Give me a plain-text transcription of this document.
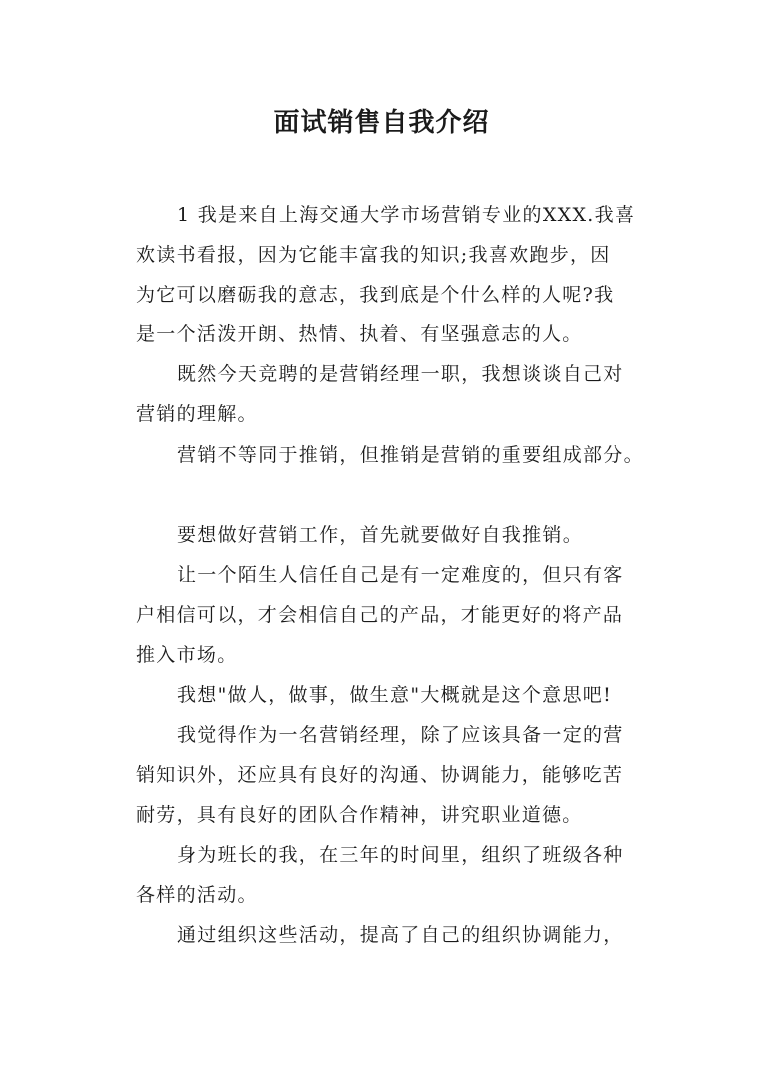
面试销售自我介绍
1 我是来自上海交通大学市场营销专业的XXX.我喜
欢读书看报，因为它能丰富我的知识;我喜欢跑步，因
为它可以磨砺我的意志，我到底是个什么样的人呢?我
是一个活泼开朗、热情、执着、有坚强意志的人。
既然今天竞聘的是营销经理一职，我想谈谈自己对
营销的理解。
营销不等同于推销，但推销是营销的重要组成部分。
要想做好营销工作，首先就要做好自我推销。
让一个陌生人信任自己是有一定难度的，但只有客
户相信可以，才会相信自己的产品，才能更好的将产品
推入市场。
我想"做人，做事，做生意"大概就是这个意思吧!
我觉得作为一名营销经理，除了应该具备一定的营
销知识外，还应具有良好的沟通、协调能力，能够吃苦
耐劳，具有良好的团队合作精神，讲究职业道德。
身为班长的我，在三年的时间里，组织了班级各种
各样的活动。
通过组织这些活动，提高了自己的组织协调能力，
